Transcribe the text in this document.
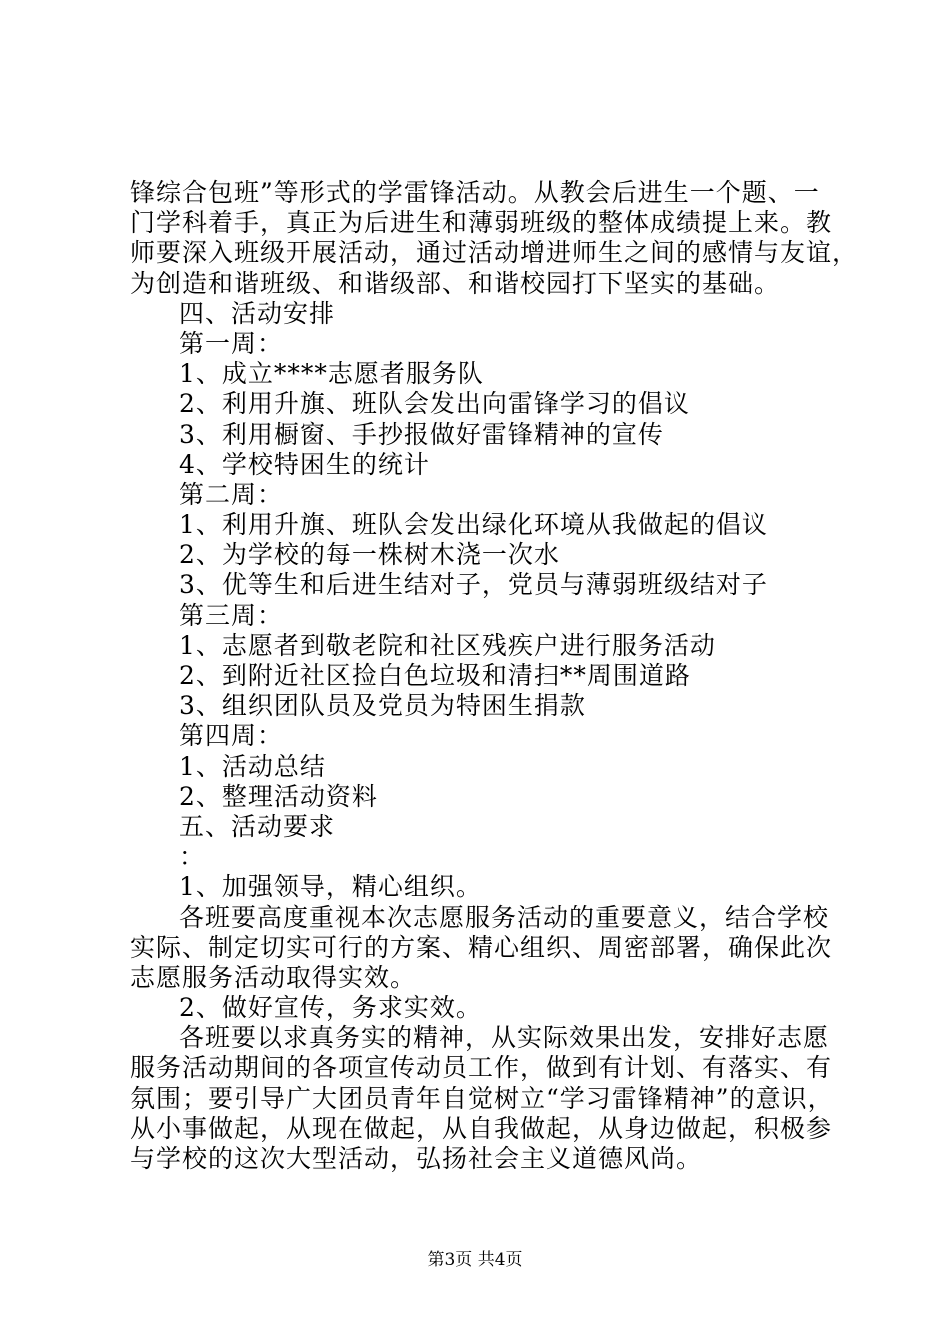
锋综合包班”等形式的学雷锋活动。从教会后进生一个题、一
门学科着手，真正为后进生和薄弱班级的整体成绩提上来。教
师要深入班级开展活动，通过活动增进师生之间的感情与友谊，
为创造和谐班级、和谐级部、和谐校园打下坚实的基础。
四、活动安排
第一周：
1、成立****志愿者服务队
2、利用升旗、班队会发出向雷锋学习的倡议
3、利用橱窗、手抄报做好雷锋精神的宣传
4、学校特困生的统计
第二周：
1、利用升旗、班队会发出绿化环境从我做起的倡议
2、为学校的每一株树木浇一次水
3、优等生和后进生结对子，党员与薄弱班级结对子
第三周：
1、志愿者到敬老院和社区残疾户进行服务活动
2、到附近社区捡白色垃圾和清扫**周围道路
3、组织团队员及党员为特困生捐款
第四周：
1、活动总结
2、整理活动资料
五、活动要求
：
1、加强领导，精心组织。
各班要高度重视本次志愿服务活动的重要意义，结合学校
实际、制定切实可行的方案、精心组织、周密部署，确保此次
志愿服务活动取得实效。
2、做好宣传，务求实效。
各班要以求真务实的精神，从实际效果出发，安排好志愿
服务活动期间的各项宣传动员工作，做到有计划、有落实、有
氛围；要引导广大团员青年自觉树立“学习雷锋精神”的意识，
从小事做起，从现在做起，从自我做起，从身边做起，积极参
与学校的这次大型活动，弘扬社会主义道德风尚。
第3页 共4页
